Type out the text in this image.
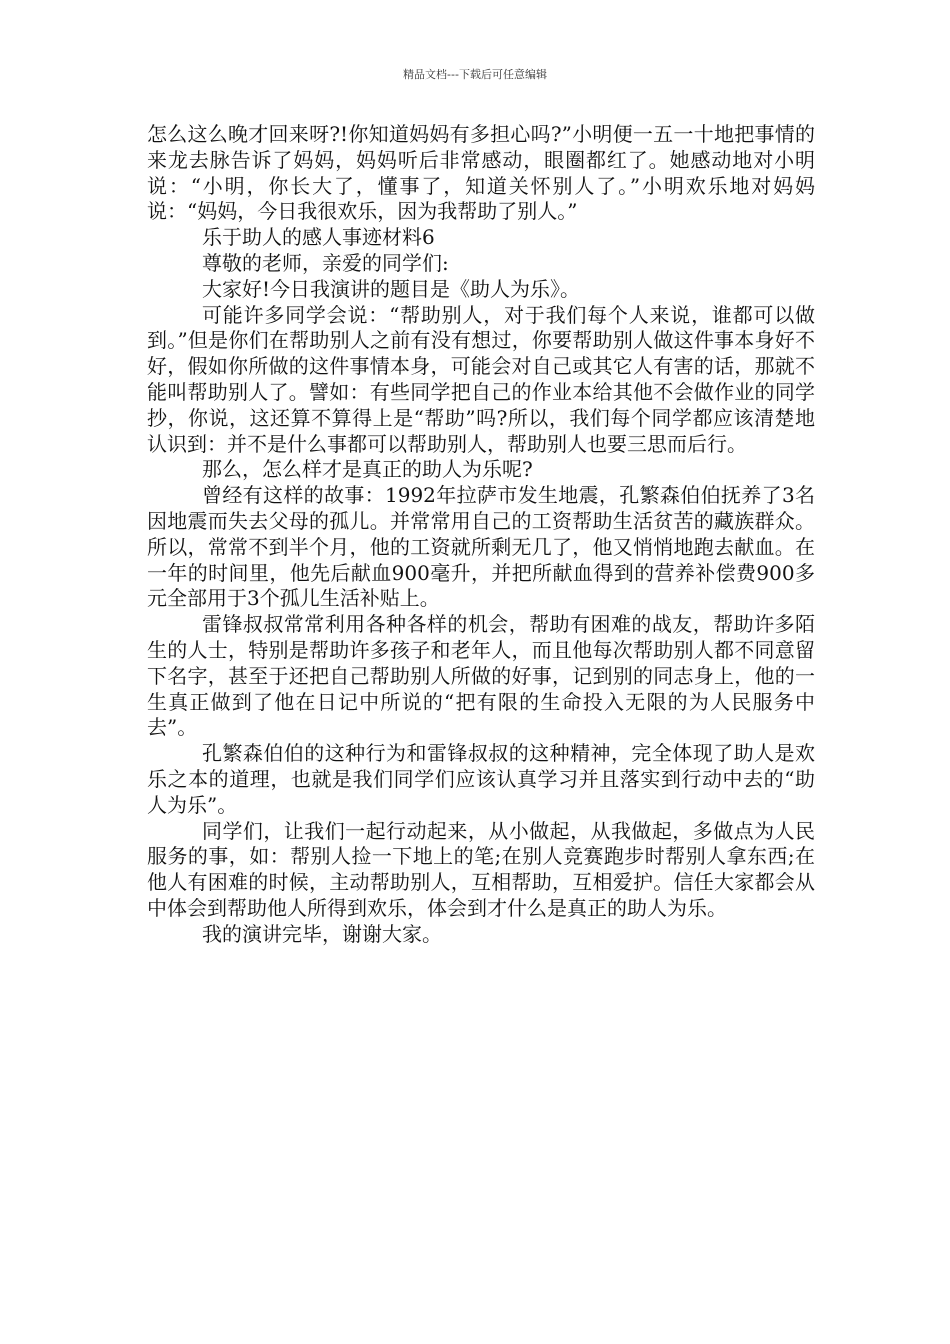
精品文档---下载后可任意编辑

怎么这么晚才回来呀?!你知道妈妈有多担心吗?”小明便一五一十地把事情的来龙去脉告诉了妈妈，妈妈听后非常感动，眼圈都红了。她感动地对小明说：“小明，你长大了，懂事了，知道关怀别人了。”小明欢乐地对妈妈说：“妈妈，今日我很欢乐，因为我帮助了别人。”

乐于助人的感人事迹材料6

尊敬的老师，亲爱的同学们:

大家好!今日我演讲的题目是《助人为乐》。

可能许多同学会说：“帮助别人，对于我们每个人来说，谁都可以做到。”但是你们在帮助别人之前有没有想过，你要帮助别人做这件事本身好不好，假如你所做的这件事情本身，可能会对自己或其它人有害的话，那就不能叫帮助别人了。譬如：有些同学把自己的作业本给其他不会做作业的同学抄，你说，这还算不算得上是“帮助”吗?所以，我们每个同学都应该清楚地认识到：并不是什么事都可以帮助别人，帮助别人也要三思而后行。

那么，怎么样才是真正的助人为乐呢?

曾经有这样的故事：1992年拉萨市发生地震，孔繁森伯伯抚养了3名因地震而失去父母的孤儿。并常常用自己的工资帮助生活贫苦的藏族群众。所以，常常不到半个月，他的工资就所剩无几了，他又悄悄地跑去献血。在一年的时间里，他先后献血900毫升，并把所献血得到的营养补偿费900多元全部用于3个孤儿生活补贴上。

雷锋叔叔常常利用各种各样的机会，帮助有困难的战友，帮助许多陌生的人士，特别是帮助许多孩子和老年人，而且他每次帮助别人都不同意留下名字，甚至于还把自己帮助别人所做的好事，记到别的同志身上，他的一生真正做到了他在日记中所说的“把有限的生命投入无限的为人民服务中去”。

孔繁森伯伯的这种行为和雷锋叔叔的这种精神，完全体现了助人是欢乐之本的道理，也就是我们同学们应该认真学习并且落实到行动中去的“助人为乐”。

同学们，让我们一起行动起来，从小做起，从我做起，多做点为人民服务的事，如：帮别人捡一下地上的笔;在别人竞赛跑步时帮别人拿东西;在他人有困难的时候，主动帮助别人，互相帮助，互相爱护。信任大家都会从中体会到帮助他人所得到欢乐，体会到才什么是真正的助人为乐。

我的演讲完毕，谢谢大家。
